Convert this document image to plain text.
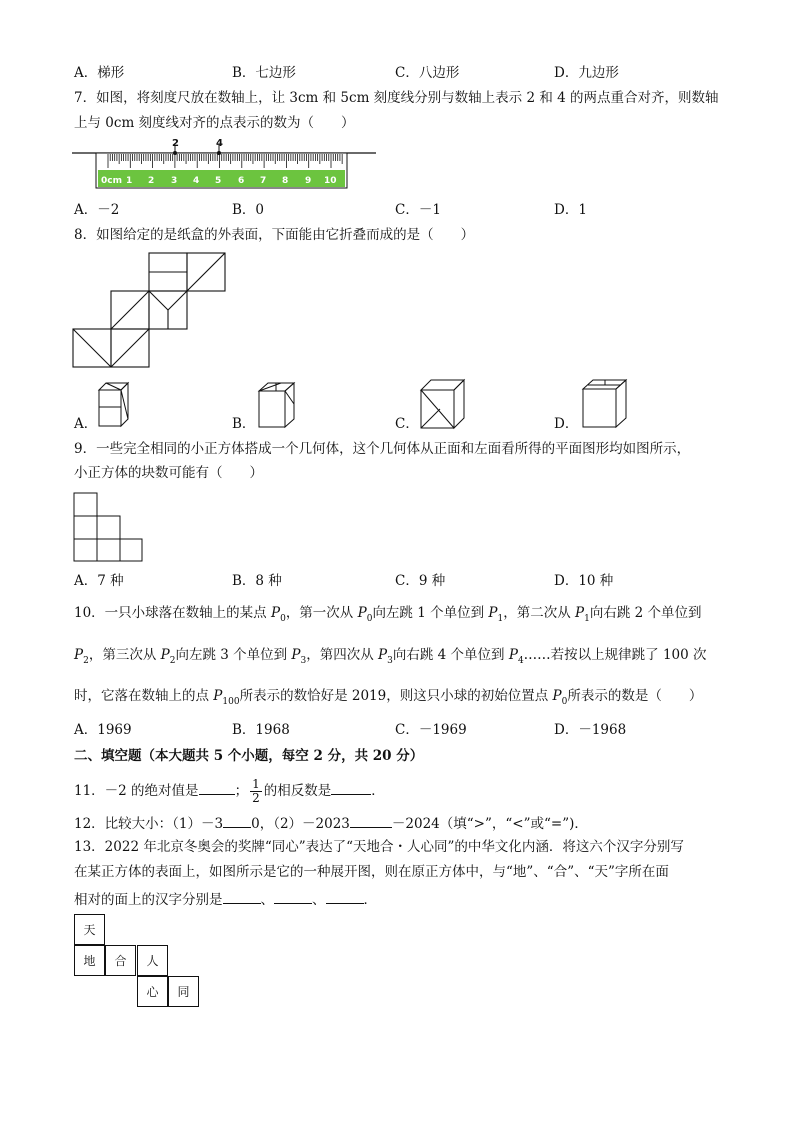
A．梯形	B．七边形	C．八边形	D．九边形
7．如图，将刻度尺放在数轴上，让 3cm 和 5cm 刻度线分别与数轴上表示 2 和 4 的两点重合对齐，则数轴
上与 0cm 刻度线对齐的点表示的数为（　　）
2	4
0cm 1 2 3 4 5 6 7 8 9 10
A．－2	B．0	C．－1	D．1
8．如图给定的是纸盒的外表面，下面能由它折叠而成的是（　　）
A．	B．	C．	D．
9．一些完全相同的小正方体搭成一个几何体，这个几何体从正面和左面看所得的平面图形均如图所示，
小正方体的块数可能有（　　）
A．7 种	B．8 种	C．9 种	D．10 种
10．一只小球落在数轴上的某点 $P_0$，第一次从 $P_0$向左跳 1 个单位到 $P_1$，第二次从 $P_1$向右跳 2 个单位到
$P_2$，第三次从 $P_2$向左跳 3 个单位到 $P_3$，第四次从 $P_3$向右跳 4 个单位到 $P_4\dots\dots$若按以上规律跳了 100 次
时，它落在数轴上的点 $P_{100}$所表示的数恰好是 2019，则这只小球的初始位置点 $P_0$所表示的数是（　　）
A．1969	B．1968	C．－1969	D．－1968
二、填空题（本大题共 5 个小题，每空 2 分，共 20 分）
11．－2 的绝对值是	； $\frac{1}{2}$ 的相反数是	．
12．比较大小：（1）－3 0，（2）－2023	－2024（填“>”，“<”或“=”)．
13．2022 年北京冬奥会的奖牌“同心”表达了“天地合・人心同”的中华文化内涵．将这六个汉字分别写
在某正方体的表面上，如图所示是它的一种展开图，则在原正方体中，与“地”、“合”、“天”字所在面
相对的面上的汉字分别是	、	、	．
天
地	合	人
心	同
